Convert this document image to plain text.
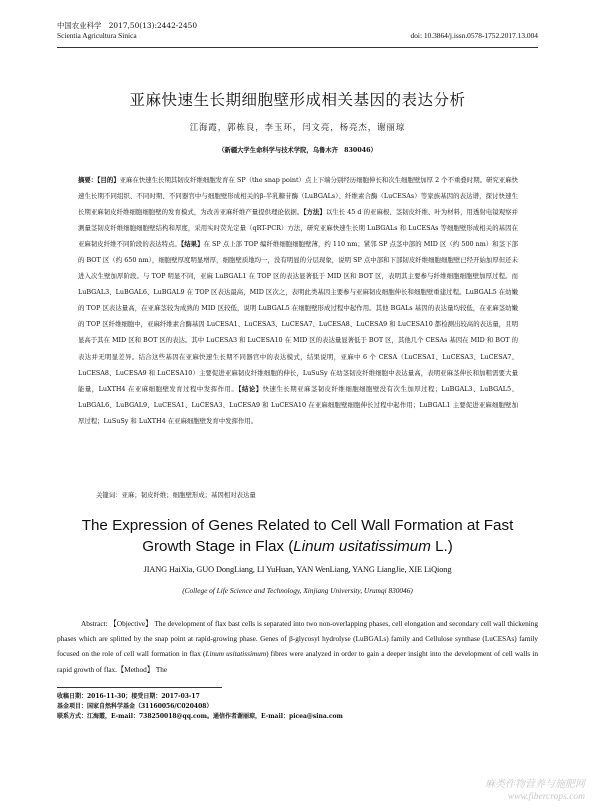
中国农业科学　2017,50(13):2442-2450
Scientia Agricultura Sinica	doi: 10.3864/j.issn.0578-1752.2017.13.004
亚麻快速生长期细胞壁形成相关基因的表达分析
江海霞，郭栋良，李玉环，闫文亮，杨亮杰，谢丽琼
（新疆大学生命科学与技术学院，乌鲁木齐　830046）
摘要：【目的】亚麻在快速生长期其韧皮纤维细胞发育在 SP（the snap point）点上下端分别经历细胞伸长和次生细胞壁加厚 2 个不重叠时期。研究亚麻快速生长期不同组织、不同时期、不同器官中与细胞壁形成相关的β-半乳糖苷酶（LuBGALs）、纤维素合酶（LuCESAs）等家族基因的表达谱，探讨快速生长期亚麻韧皮纤维细胞细胞壁的发育模式，为改善亚麻纤维产量提供理论依据。【方法】以生长 45 d 的亚麻根、茎韧皮纤维、叶为材料，用透射电镜观察并测量茎韧皮纤维细胞细胞壁结构和厚度，采用实时荧光定量（qRT-PCR）方法，研究亚麻快速生长期 LuBGALs 和 LuCESAs 等细胞壁形成相关的基因在亚麻韧皮纤维不同阶段的表达特点。【结果】在 SP 点上部 TOP 编纤维细胞细胞壁薄，约 110 nm；紧邻 SP 点茎中部的 MID 区（约 500 nm）和茎下部的 BOT 区（约 650 nm），细胞壁厚度明显增厚，细胞壁质地均一，没有明显的分层现象，说明 SP 点中部和下部韧皮纤维细胞细胞壁已经开始加厚但还未进入次生壁加厚阶段。与 TOP 明显不同，亚麻 LuBGAL1 在 TOP 区的表达显著低于 MID 区和 BOT 区，表明其主要参与纤维细胞细胞壁加厚过程。而 LuBGAL3、LuBGAL6、LuBGAL9 在 TOP 区表达最高，MID 区次之，表明此类基因主要参与亚麻韧皮细胞伸长和细胞壁重建过程。LuBGAL5 在幼嫩的 TOP 区表达量高，在亚麻茎较为成熟的 MID 区较低，说明 LuBGAL5 在细胞壁形成过程中起作用。其他 BGALs 基因的表达量均较低，在亚麻茎幼嫩的 TOP 区纤维细胞中，亚麻纤维素合酶基因 LuCESA1、LuCESA3、LuCESA7、LuCESA8、LuCESA9 和 LuCESA10 都检测出较高的表达量，且明显高于其在 MID 区和 BOT 区的表达。其中 LuCESA3 和 LuCESA10 在 MID 区的表达量显著低于 BOT 区，其他几个 CESAs 基因在 MID 和 BOT 的表达并无明显差异。结合这些基因在亚麻快速生长期不同器官中的表达模式，结果说明，亚麻中 6 个 CESA（LuCESA1、LuCESA3、LuCESA7、LuCESA8、LuCESA9 和 LuCESA10）主要促进亚麻韧皮纤维细胞的伸长，LuSuSy 在幼茎韧皮纤维细胞中表达量高，表明亚麻茎伸长和加粗需要大量能量，LuXTH4 在亚麻细胞壁发育过程中发挥作用。【结论】快速生长期亚麻茎韧皮纤维细胞细胞壁没有次生加厚过程；LuBGAL3、LuBGAL5、LuBGAL6、LuBGAL9、LuCESA1、LuCESA3、LuCESA9 和 LuCESA10 在亚麻细胞壁细胞伸长过程中起作用；LuBGAL1 主要促进亚麻细胞壁加厚过程；LuSuSy 和 LuXTH4 在亚麻细胞壁发育中发挥作用。
关键词：亚麻；韧皮纤维；细胞壁形成；基因相对表达量
The Expression of Genes Related to Cell Wall Formation at Fast
Growth Stage in Flax (Linum usitatissimum L.)
JIANG HaiXia, GUO DongLiang, LI YuHuan, YAN WenLiang, YANG LiangJie, XIE LiQiong
(College of Life Science and Technology, Xinjiang University, Urumqi 830046)
Abstract: 【Objective】 The development of flax bast cells is separated into two non-overlapping phases, cell elongation and secondary cell wall thickening phases which are splitted by the snap point at rapid-growing phase. Genes of β-glycosyl hydrolyse (LuBGALs) family and Cellulose synthase (LuCESAs) family focused on the role of cell wall formation in flax (Linum usitatissimum) fibres were analyzed in order to gain a deeper insight into the development of cell walls in rapid growth of flax.【Method】 The
收稿日期：2016-11-30；接受日期：2017-03-17
基金项目：国家自然科学基金（31160056/C020408）
联系方式：江海霞，E-mail：738250018@qq.com。通信作者谢丽琼，E-mail：picea@sina.com
麻类作物营养与施肥网
www.fibercrops.com
